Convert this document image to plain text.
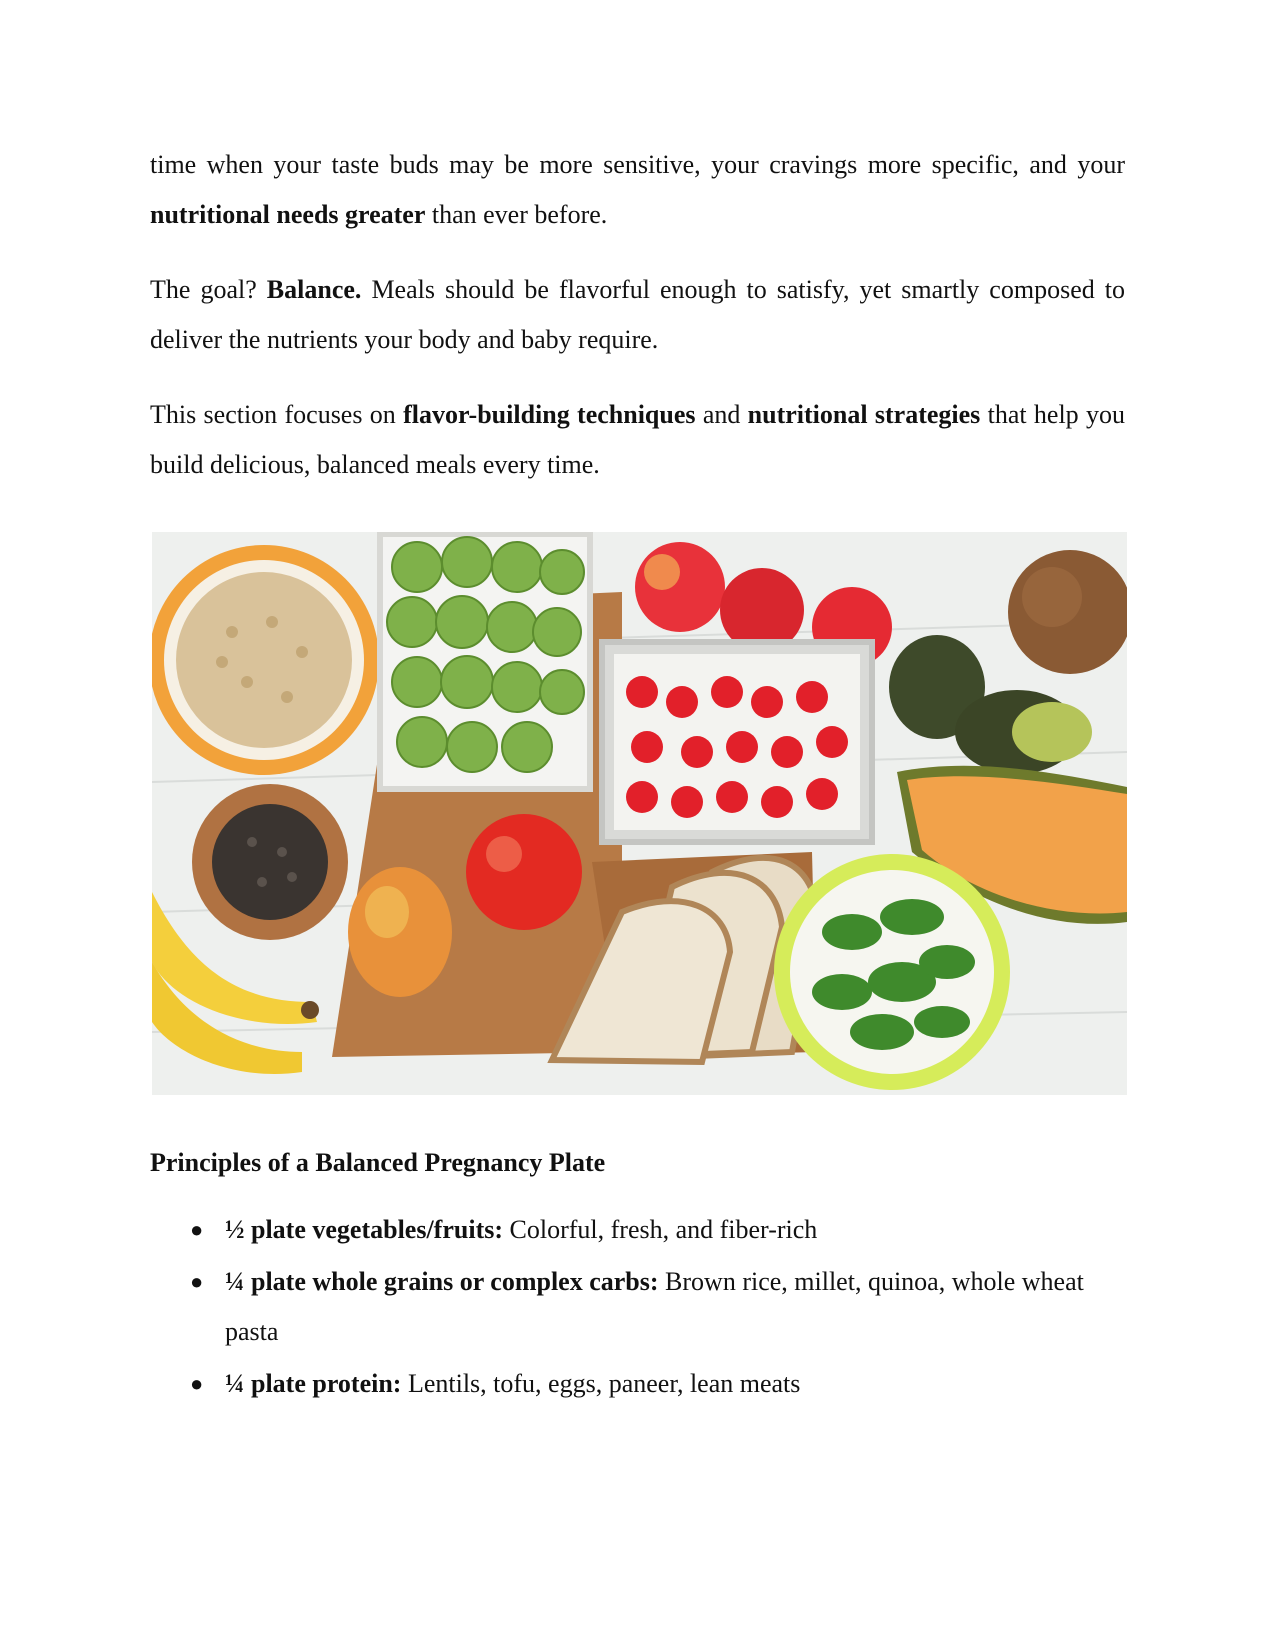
time when your taste buds may be more sensitive, your cravings more specific, and your nutritional needs greater than ever before.

The goal? Balance. Meals should be flavorful enough to satisfy, yet smartly composed to deliver the nutrients your body and baby require.

This section focuses on flavor-building techniques and nutritional strategies that help you build delicious, balanced meals every time.

Principles of a Balanced Pregnancy Plate
● ½ plate vegetables/fruits: Colorful, fresh, and fiber-rich
● ¼ plate whole grains or complex carbs: Brown rice, millet, quinoa, whole wheat pasta
● ¼ plate protein: Lentils, tofu, eggs, paneer, lean meats
